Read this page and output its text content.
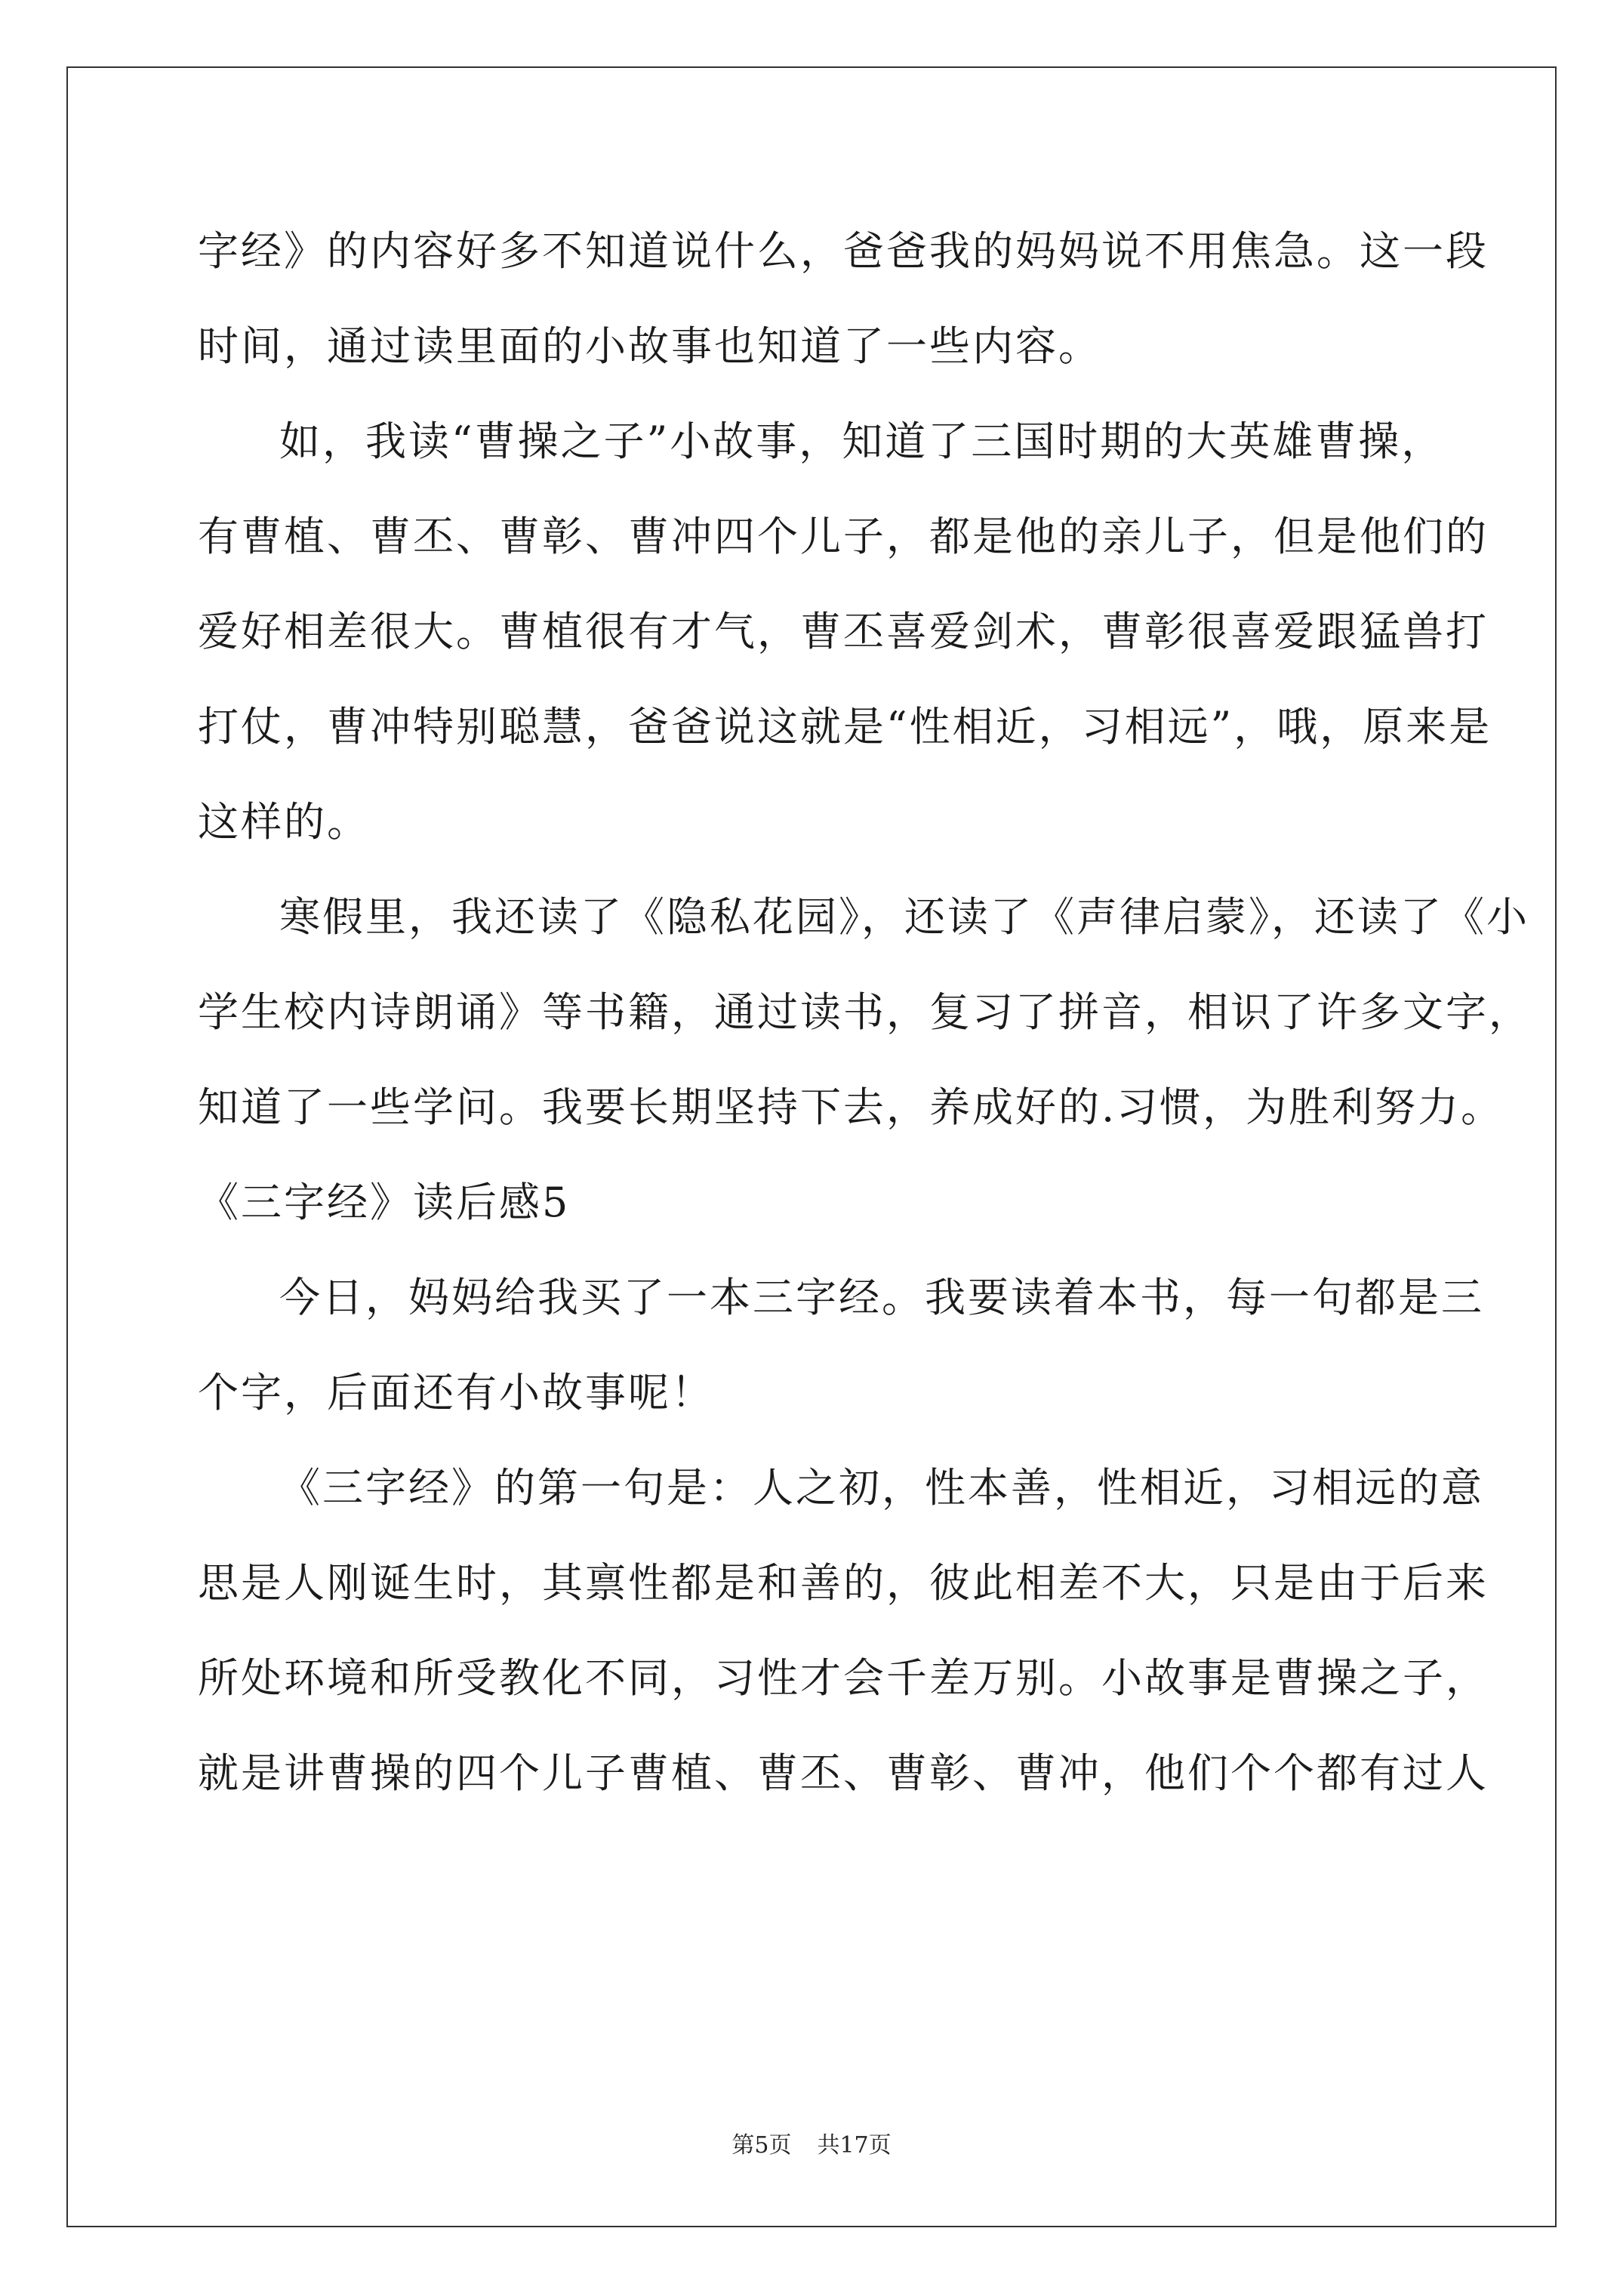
字经》的内容好多不知道说什么，爸爸我的妈妈说不用焦急。这一段
时间，通过读里面的小故事也知道了一些内容。
如，我读“曹操之子”小故事，知道了三国时期的大英雄曹操，
有曹植、曹丕、曹彰、曹冲四个儿子，都是他的亲儿子，但是他们的
爱好相差很大。曹植很有才气，曹丕喜爱剑术，曹彰很喜爱跟猛兽打
打仗，曹冲特别聪慧，爸爸说这就是“性相近，习相远”，哦，原来是
这样的。
寒假里，我还读了《隐私花园》，还读了《声律启蒙》，还读了《小
学生校内诗朗诵》等书籍，通过读书，复习了拼音，相识了许多文字，
知道了一些学问。我要长期坚持下去，养成好的.习惯，为胜利努力。
《三字经》读后感5
今日，妈妈给我买了一本三字经。我要读着本书，每一句都是三
个字，后面还有小故事呢！
《三字经》的第一句是：人之初，性本善，性相近，习相远的意
思是人刚诞生时，其禀性都是和善的，彼此相差不大，只是由于后来
所处环境和所受教化不同，习性才会千差万别。小故事是曹操之子，
就是讲曹操的四个儿子曹植、曹丕、曹彰、曹冲，他们个个都有过人
第5页 共17页
